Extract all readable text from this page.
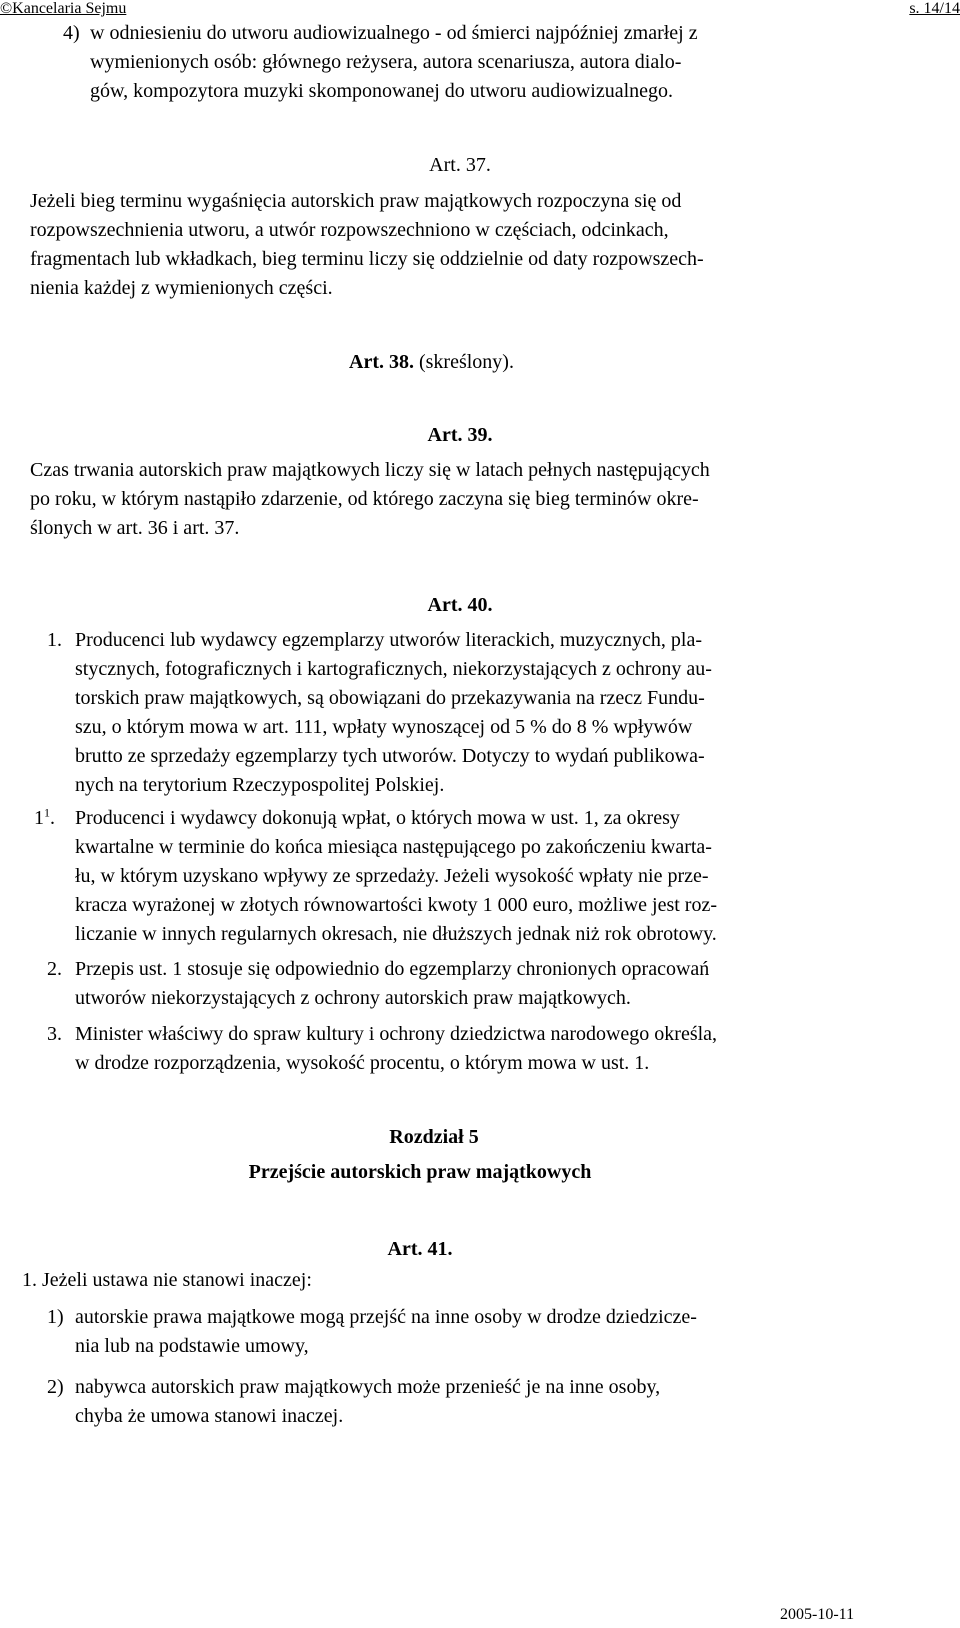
©Kancelaria Sejmu	s. 14/14
4) w odniesieniu do utworu audiowizualnego - od śmierci najpóźniej zmarłej z
wymienionych osób: głównego reżysera, autora scenariusza, autora dialo-
gów, kompozytora muzyki skomponowanej do utworu audiowizualnego.
Art. 37.
Jeżeli bieg terminu wygaśnięcia autorskich praw majątkowych rozpoczyna się od
rozpowszechnienia utworu, a utwór rozpowszechniono w częściach, odcinkach,
fragmentach lub wkładkach, bieg terminu liczy się oddzielnie od daty rozpowszech-
nienia każdej z wymienionych części.
Art. 38. (skreślony).
Art. 39.
Czas trwania autorskich praw majątkowych liczy się w latach pełnych następujących
po roku, w którym nastąpiło zdarzenie, od którego zaczyna się bieg terminów okre-
ślonych w art. 36 i art. 37.
Art. 40.
1. Producenci lub wydawcy egzemplarzy utworów literackich, muzycznych, pla-
stycznych, fotograficznych i kartograficznych, niekorzystających z ochrony au-
torskich praw majątkowych, są obowiązani do przekazywania na rzecz Fundu-
szu, o którym mowa w art. 111, wpłaty wynoszącej od 5 % do 8 % wpływów
brutto ze sprzedaży egzemplarzy tych utworów. Dotyczy to wydań publikowa-
nych na terytorium Rzeczypospolitej Polskiej.
$1^1$. Producenci i wydawcy dokonują wpłat, o których mowa w ust. 1, za okresy
kwartalne w terminie do końca miesiąca następującego po zakończeniu kwarta-
łu, w którym uzyskano wpływy ze sprzedaży. Jeżeli wysokość wpłaty nie prze-
kracza wyrażonej w złotych równowartości kwoty 1 000 euro, możliwe jest roz-
liczanie w innych regularnych okresach, nie dłuższych jednak niż rok obrotowy.
2. Przepis ust. 1 stosuje się odpowiednio do egzemplarzy chronionych opracowań
utworów niekorzystających z ochrony autorskich praw majątkowych.
3. Minister właściwy do spraw kultury i ochrony dziedzictwa narodowego określa,
w drodze rozporządzenia, wysokość procentu, o którym mowa w ust. 1.
Rozdział 5
Przejście autorskich praw majątkowych
Art. 41.
1. Jeżeli ustawa nie stanowi inaczej:
1) autorskie prawa majątkowe mogą przejść na inne osoby w drodze dziedzicze-
nia lub na podstawie umowy,
2) nabywca autorskich praw majątkowych może przenieść je na inne osoby,
chyba że umowa stanowi inaczej.
2005-10-11
